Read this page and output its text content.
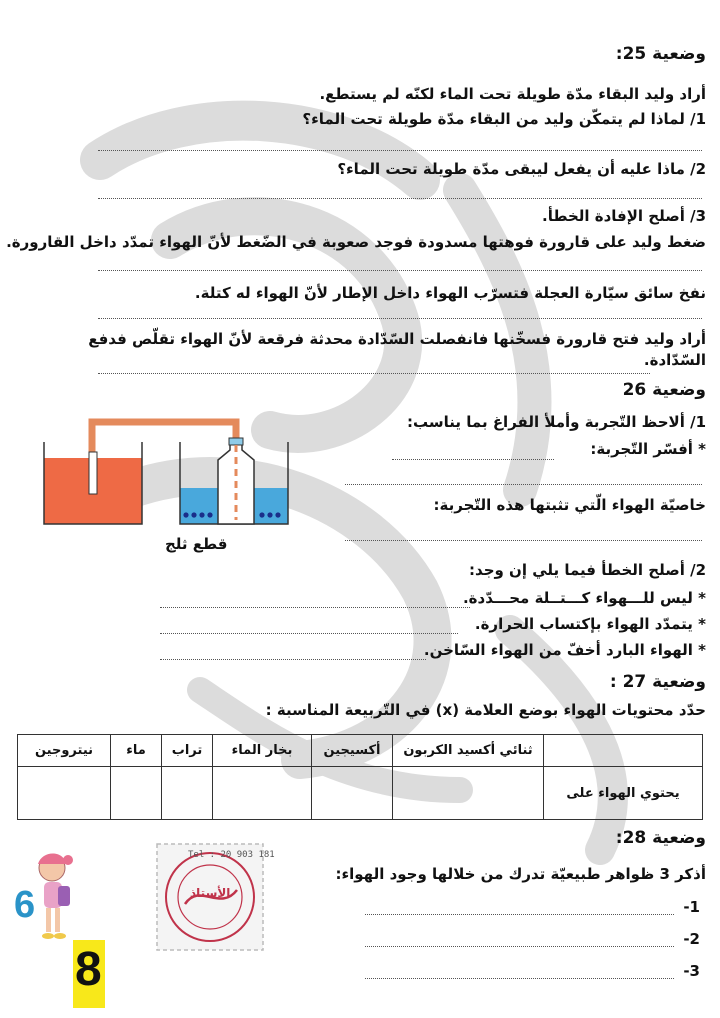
وضعية 25:
أراد وليد البقاء مدّة طويلة تحت الماء لكنّه لم يستطع.
1/ لماذا لم يتمكّن وليد من البقاء مدّة طويلة تحت الماء؟
2/ ماذا عليه أن يفعل ليبقى مدّة طويلة تحت الماء؟
3/ أصلح الإفادة الخطأ.
ضغط وليد على قارورة فوهتها مسدودة فوجد صعوبة في الضّغط لأنّ الهواء تمدّد داخل القارورة.
نفخ سائق سيّارة العجلة فتسرّب الهواء داخل الإطار لأنّ الهواء له كتلة.
أراد وليد فتح قارورة فسخّنها فانفصلت السّدّادة محدثة فرقعة لأنّ الهواء تقلّص فدفع
السّدّادة.
وضعية 26
1/ ألاحظ التّجربة وأملأ الفراغ بما يناسب:
* أفسّر التّجربة:
خاصيّة الهواء الّتي تثبتها هذه التّجربة:
قطع ثلج
2/ أصلح الخطأ فيما يلي إن وجد:
* ليس للـــهواء كـــتــلة محـــدّدة.
* يتمدّد الهواء بإكتساب الحرارة.
* الهواء البارد أخفّ من الهواء السّاخن.
وضعية 27 :
حدّد محتويات الهواء بوضع العلامة (x) في التّربيعة المناسبة :
	ثنائي أكسيد الكربون	أكسيجين	بخار الماء	تراب	ماء	نيتروجين
يحتوي الهواء على						
وضعية 28:
أذكر 3 ظواهر طبيعيّة تدرك من خلالها وجود الهواء:
-1
-2
-3
Tel : 20 903 181
الأستاذ
6
8
